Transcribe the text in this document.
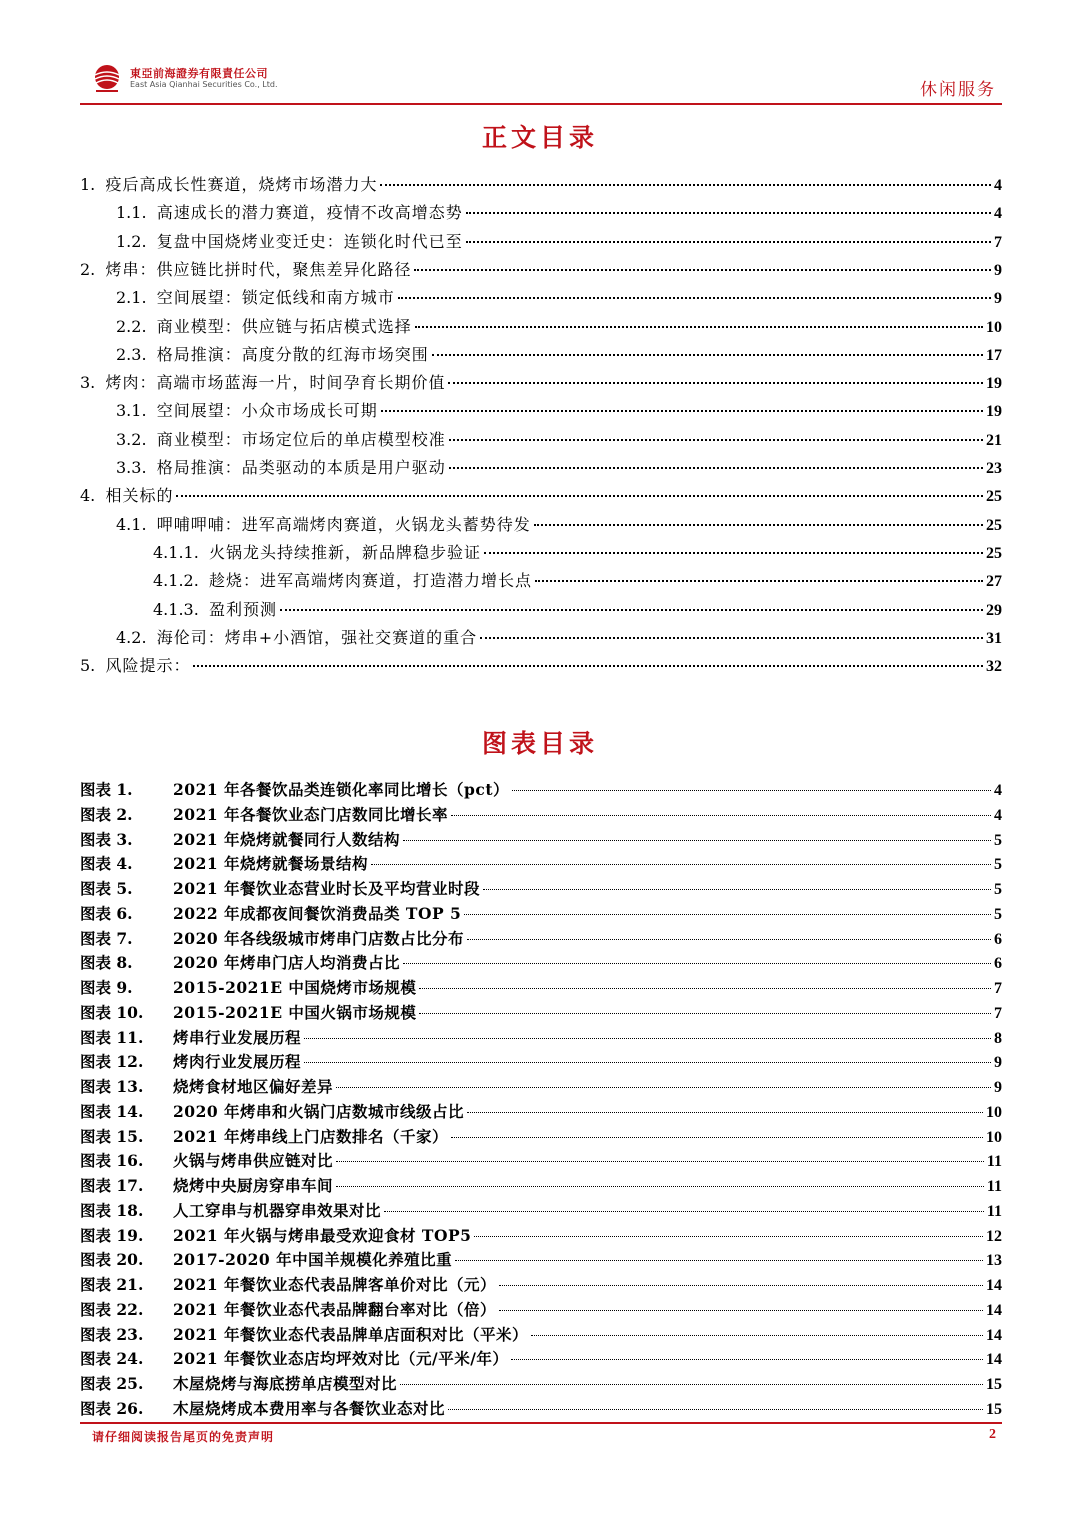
東亞前海證券有限責任公司
East Asia Qianhai Securities Co., Ltd.	休闲服务
正文目录
1. 疫后高成长性赛道，烧烤市场潜力大	4
1.1. 高速成长的潜力赛道，疫情不改高增态势	4
1.2. 复盘中国烧烤业变迁史：连锁化时代已至	7
2. 烤串：供应链比拼时代，聚焦差异化路径	9
2.1. 空间展望：锁定低线和南方城市	9
2.2. 商业模型：供应链与拓店模式选择	10
2.3. 格局推演：高度分散的红海市场突围	17
3. 烤肉：高端市场蓝海一片，时间孕育长期价值	19
3.1. 空间展望：小众市场成长可期	19
3.2. 商业模型：市场定位后的单店模型校准	21
3.3. 格局推演：品类驱动的本质是用户驱动	23
4. 相关标的	25
4.1. 呷哺呷哺：进军高端烤肉赛道，火锅龙头蓄势待发	25
4.1.1. 火锅龙头持续推新，新品牌稳步验证	25
4.1.2. 趁烧：进军高端烤肉赛道，打造潜力增长点	27
4.1.3. 盈利预测	29
4.2. 海伦司：烤串+小酒馆，强社交赛道的重合	31
5. 风险提示：	32
图表目录
图表 1.	2021 年各餐饮品类连锁化率同比增长（pct）	4
图表 2.	2021 年各餐饮业态门店数同比增长率	4
图表 3.	2021 年烧烤就餐同行人数结构	5
图表 4.	2021 年烧烤就餐场景结构	5
图表 5.	2021 年餐饮业态营业时长及平均营业时段	5
图表 6.	2022 年成都夜间餐饮消费品类 TOP 5	5
图表 7.	2020 年各线级城市烤串门店数占比分布	6
图表 8.	2020 年烤串门店人均消费占比	6
图表 9.	2015-2021E 中国烧烤市场规模	7
图表 10.	2015-2021E 中国火锅市场规模	7
图表 11.	烤串行业发展历程	8
图表 12.	烤肉行业发展历程	9
图表 13.	烧烤食材地区偏好差异	9
图表 14.	2020 年烤串和火锅门店数城市线级占比	10
图表 15.	2021 年烤串线上门店数排名（千家）	10
图表 16.	火锅与烤串供应链对比	11
图表 17.	烧烤中央厨房穿串车间	11
图表 18.	人工穿串与机器穿串效果对比	11
图表 19.	2021 年火锅与烤串最受欢迎食材 TOP5	12
图表 20.	2017-2020 年中国羊规模化养殖比重	13
图表 21.	2021 年餐饮业态代表品牌客单价对比（元）	14
图表 22.	2021 年餐饮业态代表品牌翻台率对比（倍）	14
图表 23.	2021 年餐饮业态代表品牌单店面积对比（平米）	14
图表 24.	2021 年餐饮业态店均坪效对比（元/平米/年）	14
图表 25.	木屋烧烤与海底捞单店模型对比	15
图表 26.	木屋烧烤成本费用率与各餐饮业态对比	15
请仔细阅读报告尾页的免责声明	2
